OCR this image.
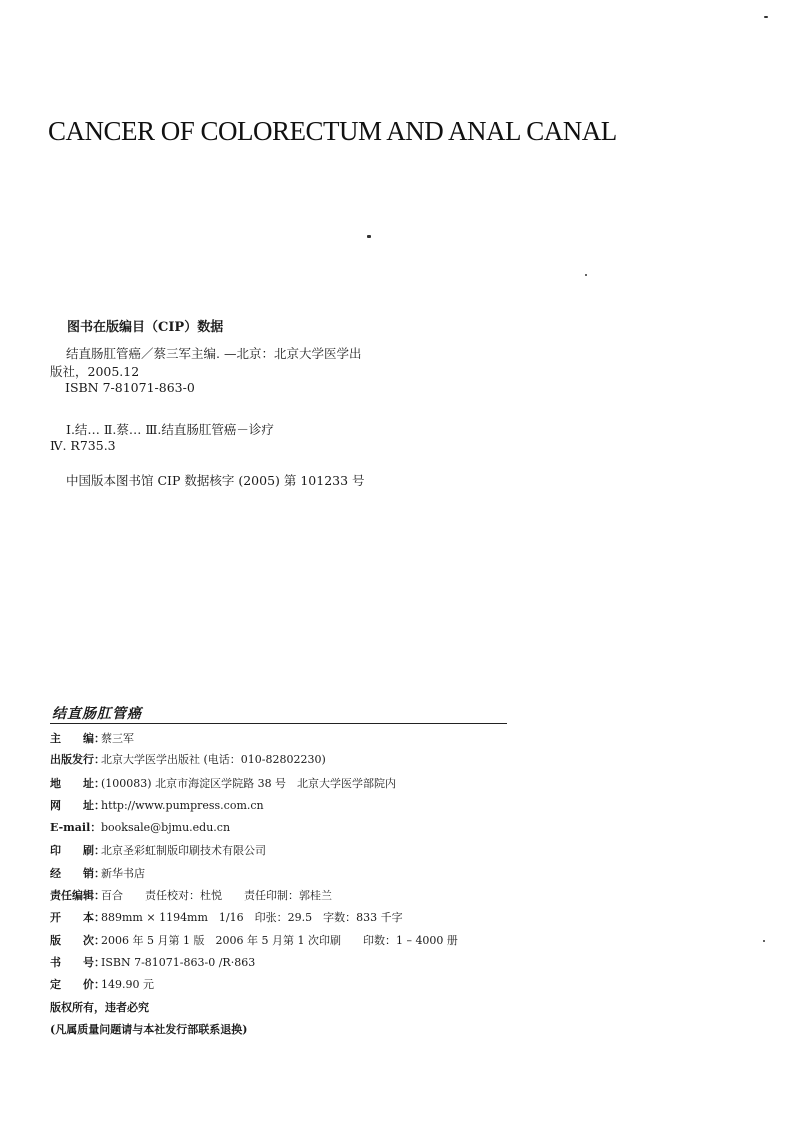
CANCER OF COLORECTUM AND ANAL CANAL
图书在版编目（CIP）数据
结直肠肛管癌／蔡三军主编. —北京：北京大学医学出
版社，2005.12
ISBN 7-81071-863-0
Ⅰ.结… Ⅱ.蔡… Ⅲ.结直肠肛管癌－诊疗
Ⅳ. R735.3
中国版本图书馆 CIP 数据核字 (2005) 第 101233 号
结直肠肛管癌
主　　编：蔡三军
出版发行：北京大学医学出版社 (电话：010-82802230)
地　　址：(100083) 北京市海淀区学院路 38 号　北京大学医学部院内
网　　址：http://www.pumpress.com.cn
E-mail：booksale@bjmu.edu.cn
印　　刷：北京圣彩虹制版印刷技术有限公司
经　　销：新华书店
责任编辑：百合　　责任校对：杜悦　　责任印制：郭桂兰
开　　本：889mm × 1194mm　1/16　印张：29.5　字数：833 千字
版　　次：2006 年 5 月第 1 版　2006 年 5 月第 1 次印刷　　印数：1 – 4000 册
书　　号：ISBN 7-81071-863-0 /R·863
定　　价：149.90 元
版权所有，违者必究
(凡属质量问题请与本社发行部联系退换)
